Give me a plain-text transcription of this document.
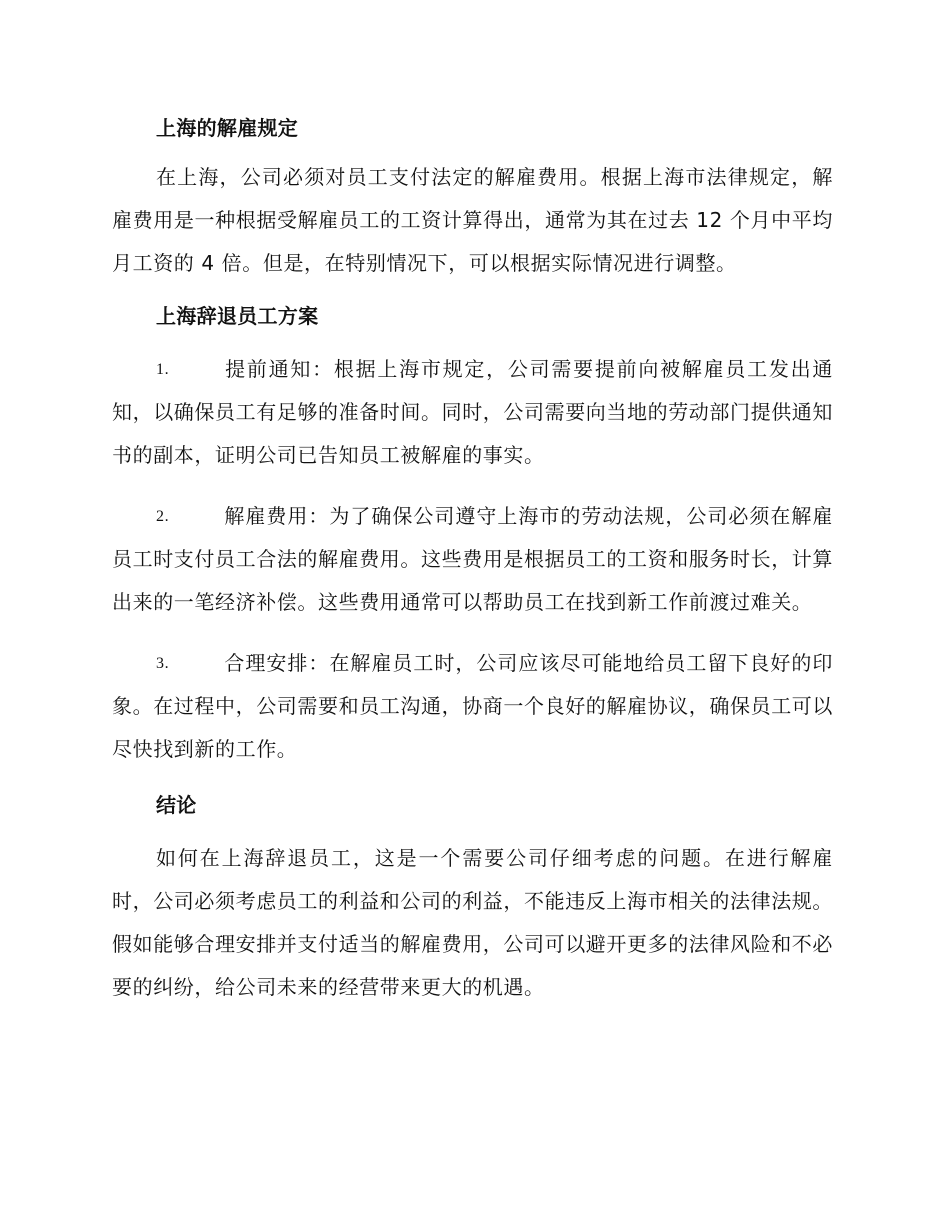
上海的解雇规定

在上海，公司必须对员工支付法定的解雇费用。根据上海市法律规定，解雇费用是一种根据受解雇员工的工资计算得出，通常为其在过去 12 个月中平均月工资的 4 倍。但是，在特别情况下，可以根据实际情况进行调整。

上海辞退员工方案
1.	提前通知：根据上海市规定，公司需要提前向被解雇员工发出通知，以确保员工有足够的准备时间。同时，公司需要向当地的劳动部门提供通知书的副本，证明公司已告知员工被解雇的事实。
2.	解雇费用：为了确保公司遵守上海市的劳动法规，公司必须在解雇员工时支付员工合法的解雇费用。这些费用是根据员工的工资和服务时长，计算出来的一笔经济补偿。这些费用通常可以帮助员工在找到新工作前渡过难关。
3.	合理安排：在解雇员工时，公司应该尽可能地给员工留下良好的印象。在过程中，公司需要和员工沟通，协商一个良好的解雇协议，确保员工可以尽快找到新的工作。
结论

如何在上海辞退员工，这是一个需要公司仔细考虑的问题。在进行解雇时，公司必须考虑员工的利益和公司的利益，不能违反上海市相关的法律法规。假如能够合理安排并支付适当的解雇费用，公司可以避开更多的法律风险和不必要的纠纷，给公司未来的经营带来更大的机遇。
